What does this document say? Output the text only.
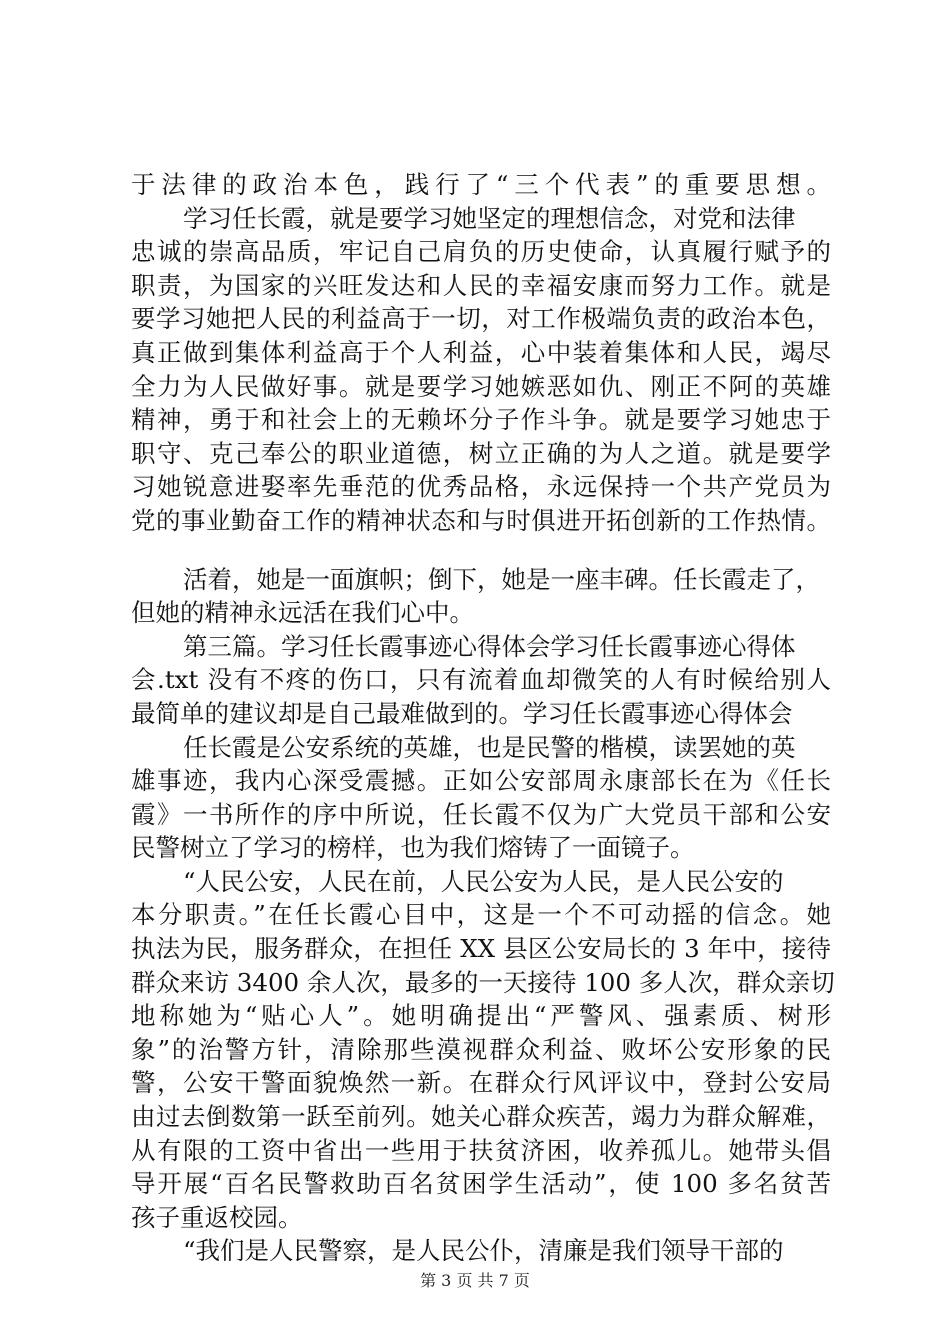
于法律的政治本色，践行了“三个代表”的重要思想。
学习任长霞，就是要学习她坚定的理想信念，对党和法律
忠诚的崇高品质，牢记自己肩负的历史使命，认真履行赋予的
职责，为国家的兴旺发达和人民的幸福安康而努力工作。就是
要学习她把人民的利益高于一切，对工作极端负责的政治本色，
真正做到集体利益高于个人利益，心中装着集体和人民，竭尽
全力为人民做好事。就是要学习她嫉恶如仇、刚正不阿的英雄
精神，勇于和社会上的无赖坏分子作斗争。就是要学习她忠于
职守、克己奉公的职业道德，树立正确的为人之道。就是要学
习她锐意进娶率先垂范的优秀品格，永远保持一个共产党员为
党的事业勤奋工作的精神状态和与时俱进开拓创新的工作热情。
活着，她是一面旗帜；倒下，她是一座丰碑。任长霞走了，
但她的精神永远活在我们心中。
第三篇。学习任长霞事迹心得体会学习任长霞事迹心得体
会.txt 没有不疼的伤口，只有流着血却微笑的人有时候给别人
最简单的建议却是自己最难做到的。学习任长霞事迹心得体会
任长霞是公安系统的英雄，也是民警的楷模，读罢她的英
雄事迹，我内心深受震撼。正如公安部周永康部长在为《任长
霞》一书所作的序中所说，任长霞不仅为广大党员干部和公安
民警树立了学习的榜样，也为我们熔铸了一面镜子。
“人民公安，人民在前，人民公安为人民，是人民公安的
本分职责。”在任长霞心目中，这是一个不可动摇的信念。她
执法为民，服务群众，在担任 XX 县区公安局长的 3 年中，接待
群众来访 3400 余人次，最多的一天接待 100 多人次，群众亲切
地称她为“贴心人”。她明确提出“严警风、强素质、树形
象”的治警方针，清除那些漠视群众利益、败坏公安形象的民
警，公安干警面貌焕然一新。在群众行风评议中，登封公安局
由过去倒数第一跃至前列。她关心群众疾苦，竭力为群众解难，
从有限的工资中省出一些用于扶贫济困，收养孤儿。她带头倡
导开展“百名民警救助百名贫困学生活动”，使 100 多名贫苦
孩子重返校园。
“我们是人民警察，是人民公仆，清廉是我们领导干部的
第 3 页 共 7 页
